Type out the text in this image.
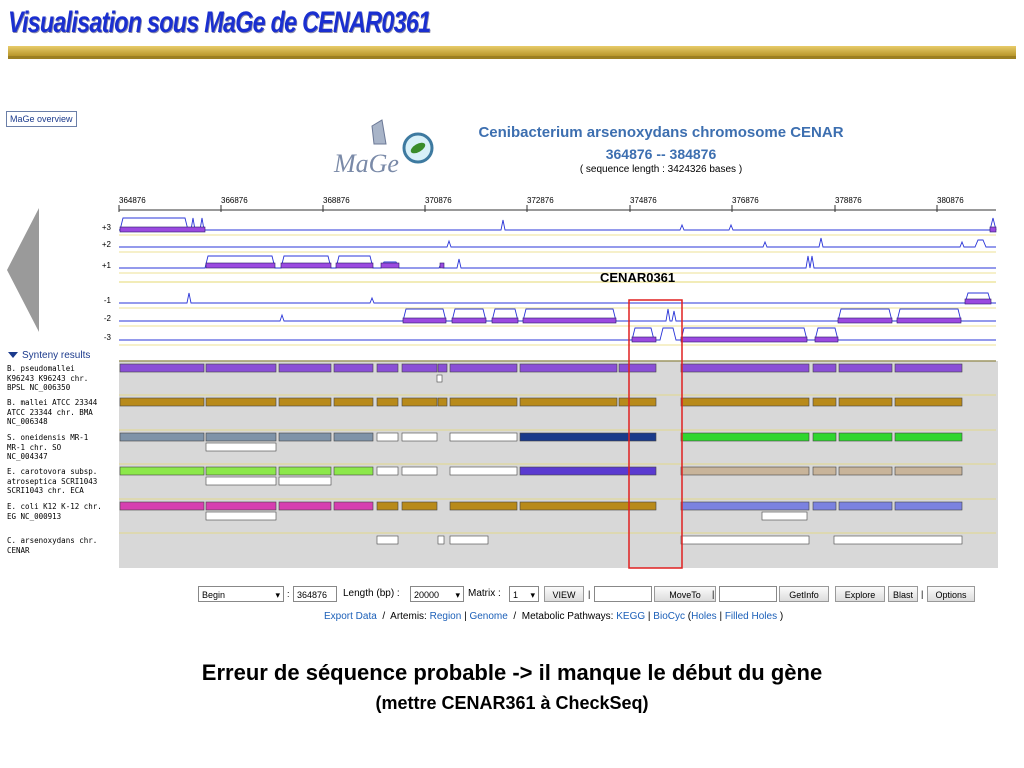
Visualisation sous MaGe de CENAR0361
MaGe overview
MaGe
Cenibacterium arsenoxydans chromosome CENAR
364876 -- 384876
( sequence length : 3424326 bases )
364876	366876	368876	370876	372876	374876	376876	378876	380876
+3
+2
+1
-1
-2
-3
CENAR0361
Synteny results
B. pseudomallei
K96243 K96243 chr.
BPSL NC_006350
B. mallei ATCC 23344
ATCC 23344 chr. BMA
NC_006348
S. oneidensis MR-1
MR-1 chr. SO
NC_004347
E. carotovora subsp.
atroseptica SCRI1043
SCRI1043 chr. ECA
E. coli K12 K-12 chr.
EG NC_000913
C. arsenoxydans chr.
CENAR
Begin	▾ : 364876	Length (bp) :	20000 ▾ Matrix :	1 ▾	VIEW	|	MoveTo	|	GetInfo	Explore	Blast |	Options
Export Data  /  Artemis: Region | Genome  /  Metabolic Pathways: KEGG | BioCyc (Holes | Filled Holes )
Erreur de séquence probable -> il manque le début du gène
(mettre CENAR361 à CheckSeq)
